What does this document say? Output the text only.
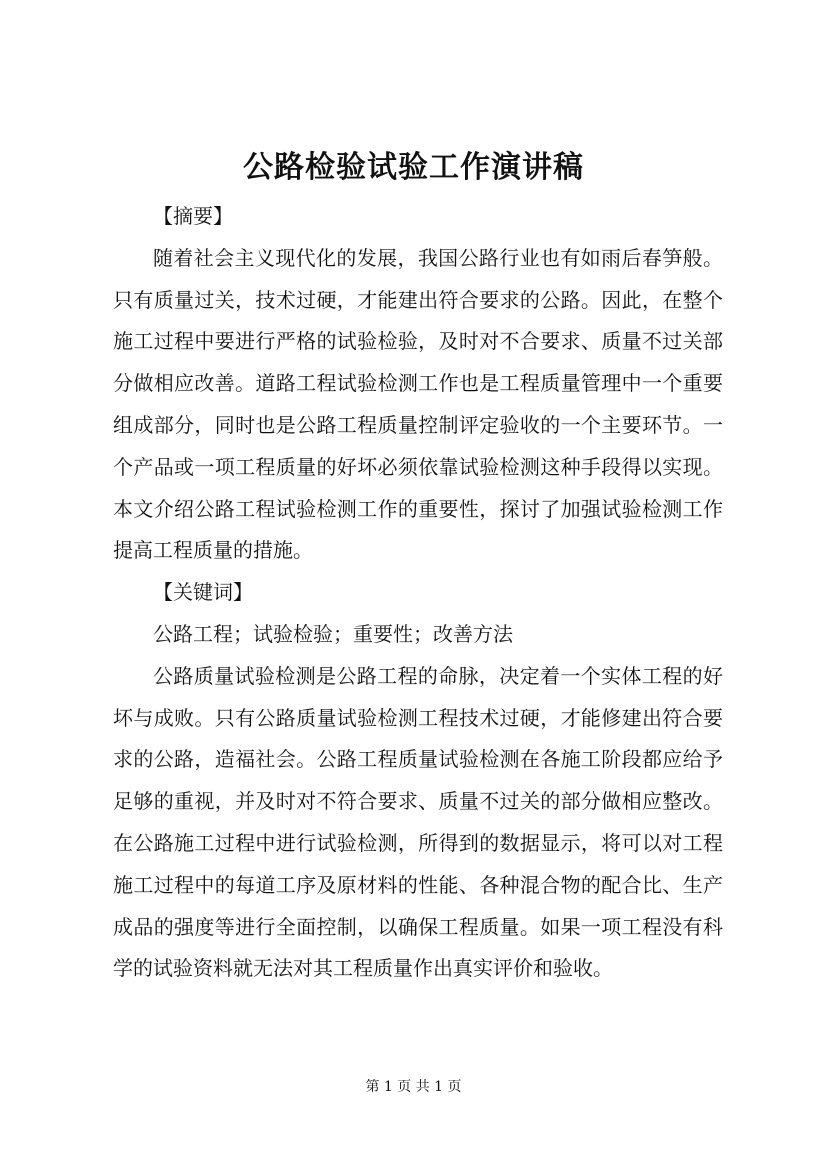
公路检验试验工作演讲稿

【摘要】

随着社会主义现代化的发展，我国公路行业也有如雨后春笋般。只有质量过关，技术过硬，才能建出符合要求的公路。因此，在整个施工过程中要进行严格的试验检验，及时对不合要求、质量不过关部分做相应改善。道路工程试验检测工作也是工程质量管理中一个重要组成部分，同时也是公路工程质量控制评定验收的一个主要环节。一个产品或一项工程质量的好坏必须依靠试验检测这种手段得以实现。本文介绍公路工程试验检测工作的重要性，探讨了加强试验检测工作提高工程质量的措施。

【关键词】

公路工程；试验检验；重要性；改善方法

公路质量试验检测是公路工程的命脉，决定着一个实体工程的好坏与成败。只有公路质量试验检测工程技术过硬，才能修建出符合要求的公路，造福社会。公路工程质量试验检测在各施工阶段都应给予足够的重视，并及时对不符合要求、质量不过关的部分做相应整改。在公路施工过程中进行试验检测，所得到的数据显示，将可以对工程施工过程中的每道工序及原材料的性能、各种混合物的配合比、生产成品的强度等进行全面控制，以确保工程质量。如果一项工程没有科学的试验资料就无法对其工程质量作出真实评价和验收。

第 1 页 共 1 页
